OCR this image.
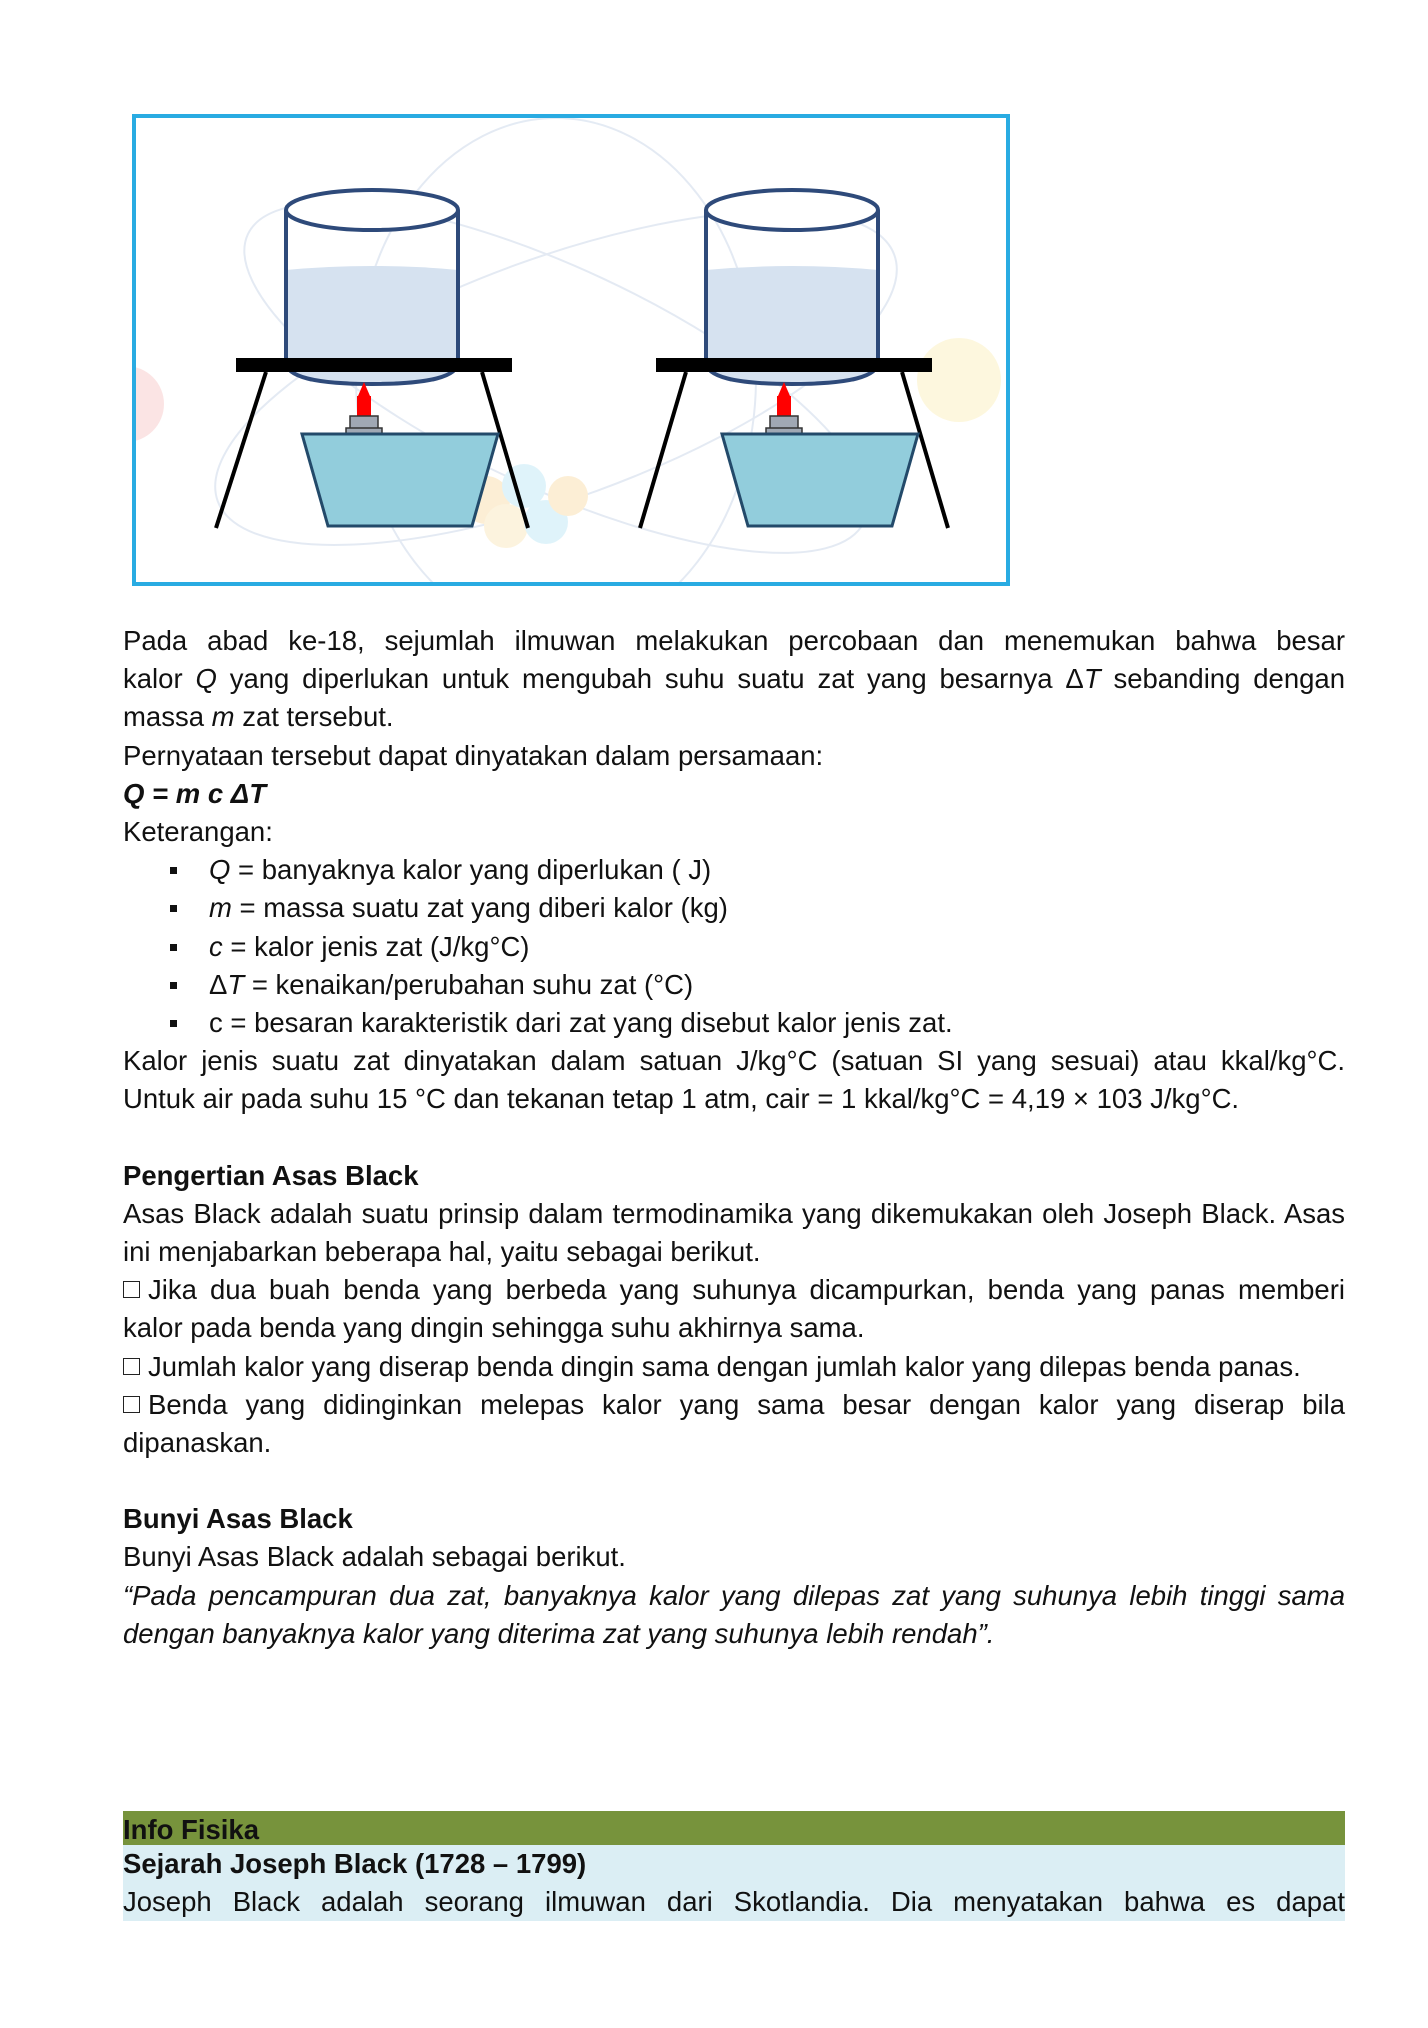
Pada abad ke-18, sejumlah ilmuwan melakukan percobaan dan menemukan bahwa besar

kalor Q yang diperlukan untuk mengubah suhu suatu zat yang besarnya ΔT sebanding dengan

massa m zat tersebut.

Pernyataan tersebut dapat dinyatakan dalam persamaan:

Q = m c ΔT

Keterangan:

Q = banyaknya kalor yang diperlukan ( J)
m = massa suatu zat yang diberi kalor (kg)
c = kalor jenis zat (J/kg°C)
ΔT = kenaikan/perubahan suhu zat (°C)
c = besaran karakteristik dari zat yang disebut kalor jenis zat.

Kalor jenis suatu zat dinyatakan dalam satuan J/kg°C (satuan SI yang sesuai) atau kkal/kg°C.

Untuk air pada suhu 15 °C dan tekanan tetap 1 atm, cair = 1 kkal/kg°C = 4,19 × 103 J/kg°C.

Pengertian Asas Black

Asas Black adalah suatu prinsip dalam termodinamika yang dikemukakan oleh Joseph Black. Asas ini menjabarkan beberapa hal, yaitu sebagai berikut.

Jika dua buah benda yang berbeda yang suhunya dicampurkan, benda yang panas memberi kalor pada benda yang dingin sehingga suhu akhirnya sama.

Jumlah kalor yang diserap benda dingin sama dengan jumlah kalor yang dilepas benda panas.

Benda yang didinginkan melepas kalor yang sama besar dengan kalor yang diserap bila dipanaskan.

Bunyi Asas Black

Bunyi Asas Black adalah sebagai berikut.

“Pada pencampuran dua zat, banyaknya kalor yang dilepas zat yang suhunya lebih tinggi sama dengan banyaknya kalor yang diterima zat yang suhunya lebih rendah”.

Info Fisika

Sejarah Joseph Black (1728 – 1799)

Joseph Black adalah seorang ilmuwan dari Skotlandia. Dia menyatakan bahwa es dapat
